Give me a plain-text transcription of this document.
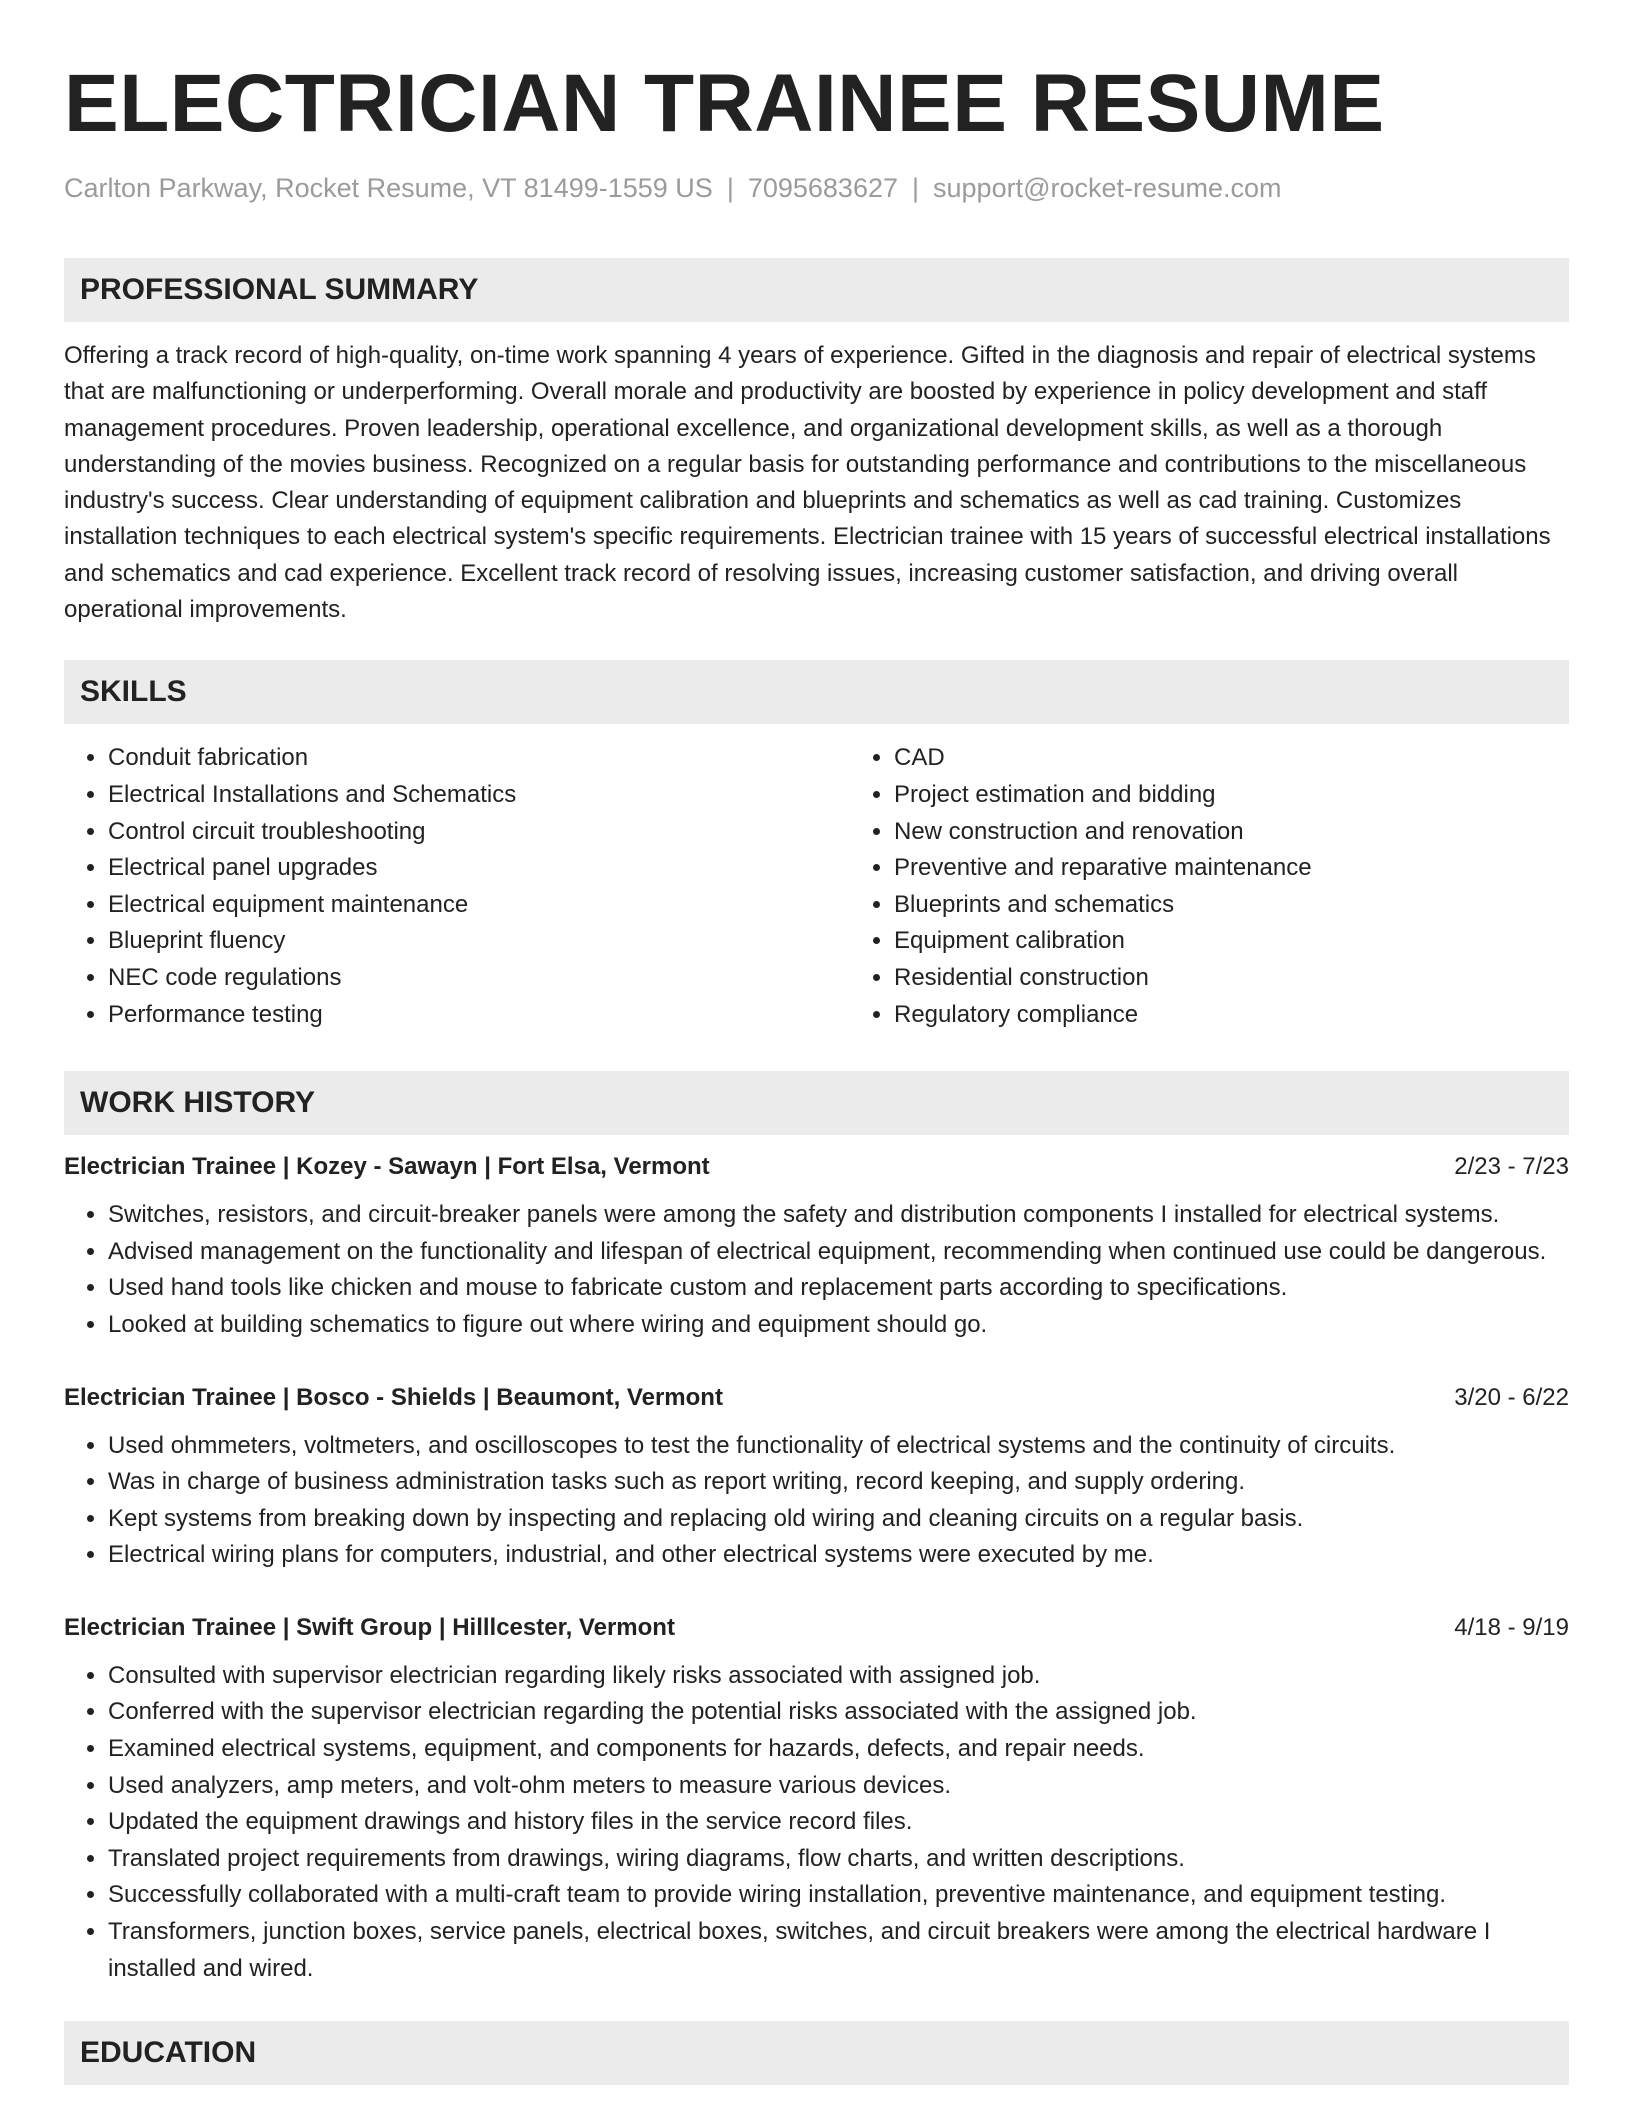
ELECTRICIAN TRAINEE RESUME
Carlton Parkway, Rocket Resume, VT 81499-1559 US | 7095683627 | support@rocket-resume.com
PROFESSIONAL SUMMARY

Offering a track record of high-quality, on-time work spanning 4 years of experience. Gifted in the diagnosis and repair of electrical systems that are malfunctioning or underperforming. Overall morale and productivity are boosted by experience in policy development and staff management procedures. Proven leadership, operational excellence, and organizational development skills, as well as a thorough understanding of the movies business. Recognized on a regular basis for outstanding performance and contributions to the miscellaneous industry's success. Clear understanding of equipment calibration and blueprints and schematics as well as cad training. Customizes installation techniques to each electrical system's specific requirements. Electrician trainee with 15 years of successful electrical installations and schematics and cad experience. Excellent track record of resolving issues, increasing customer satisfaction, and driving overall operational improvements.

SKILLS
• Conduit fabrication
• Electrical Installations and Schematics
• Control circuit troubleshooting
• Electrical panel upgrades
• Electrical equipment maintenance
• Blueprint fluency
• NEC code regulations
• Performance testing
• CAD
• Project estimation and bidding
• New construction and renovation
• Preventive and reparative maintenance
• Blueprints and schematics
• Equipment calibration
• Residential construction
• Regulatory compliance
WORK HISTORY
Electrician Trainee | Kozey - Sawayn | Fort Elsa, Vermont	2/23 - 7/23
• Switches, resistors, and circuit-breaker panels were among the safety and distribution components I installed for electrical systems.
• Advised management on the functionality and lifespan of electrical equipment, recommending when continued use could be dangerous.
• Used hand tools like chicken and mouse to fabricate custom and replacement parts according to specifications.
• Looked at building schematics to figure out where wiring and equipment should go.
Electrician Trainee | Bosco - Shields | Beaumont, Vermont	3/20 - 6/22
• Used ohmmeters, voltmeters, and oscilloscopes to test the functionality of electrical systems and the continuity of circuits.
• Was in charge of business administration tasks such as report writing, record keeping, and supply ordering.
• Kept systems from breaking down by inspecting and replacing old wiring and cleaning circuits on a regular basis.
• Electrical wiring plans for computers, industrial, and other electrical systems were executed by me.
Electrician Trainee | Swift Group | Hilllcester, Vermont	4/18 - 9/19
• Consulted with supervisor electrician regarding likely risks associated with assigned job.
• Conferred with the supervisor electrician regarding the potential risks associated with the assigned job.
• Examined electrical systems, equipment, and components for hazards, defects, and repair needs.
• Used analyzers, amp meters, and volt-ohm meters to measure various devices.
• Updated the equipment drawings and history files in the service record files.
• Translated project requirements from drawings, wiring diagrams, flow charts, and written descriptions.
• Successfully collaborated with a multi-craft team to provide wiring installation, preventive maintenance, and equipment testing.
• Transformers, junction boxes, service panels, electrical boxes, switches, and circuit breakers were among the electrical hardware I installed and wired.
EDUCATION
